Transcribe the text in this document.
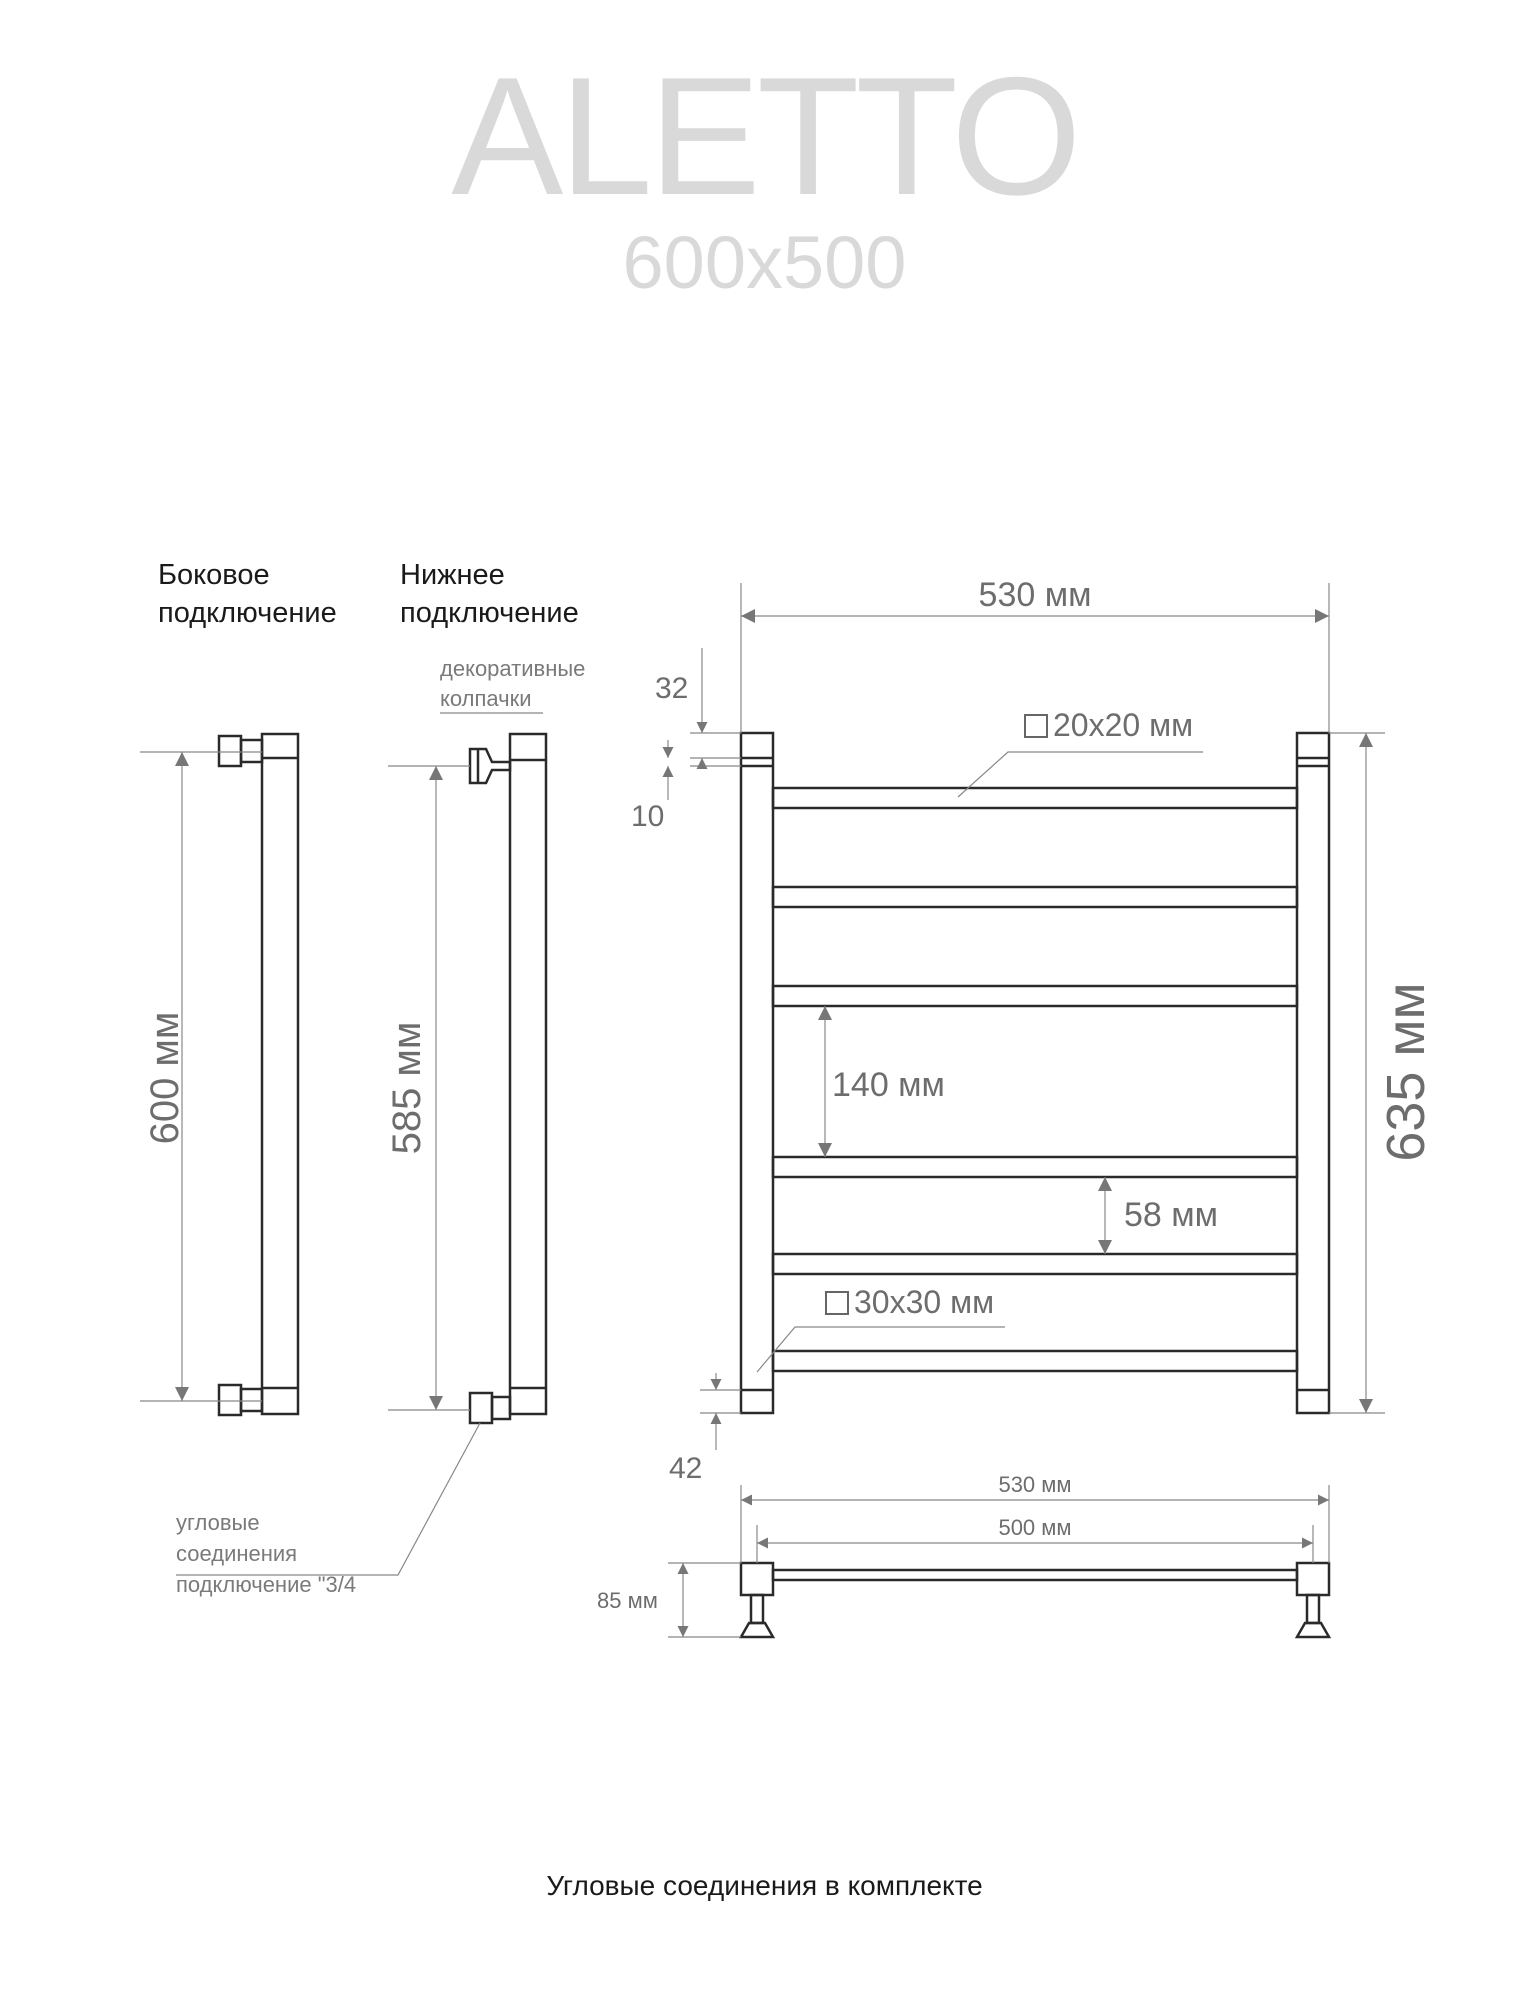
ALETTO
600x500
Боковое
подключение
Нижнее
подключение
600 мм	585 мм
декоративные
колпачки
угловые
соединения
подключение "3/4
530 мм
635 мм
32
10
42
140 мм
58 мм
20x20 мм
30x30 мм
530 мм
500 мм
85 мм
Угловые соединения в комплекте
